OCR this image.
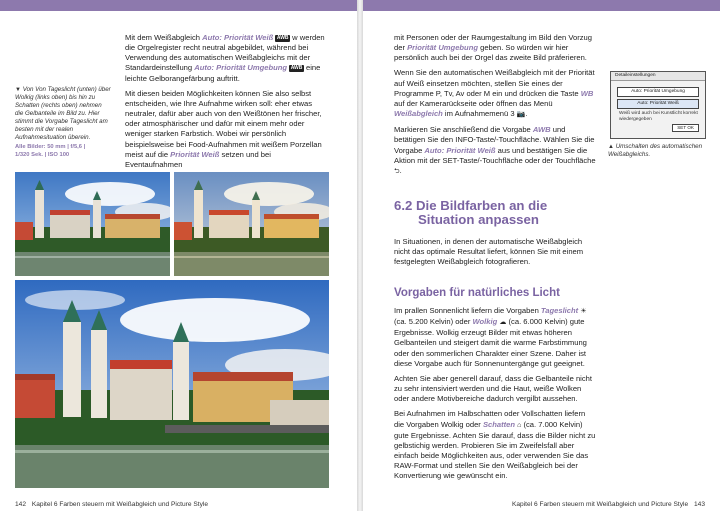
Mit dem Weißabgleich Auto: Priorität Weiß AWB w werden die Orgelregister recht neutral abgebildet, während bei Verwendung des automatischen Weißabgleichs mit der Standardeinstellung Auto: Priorität Umgebung AWB eine leichte Gelborangefärbung auftritt.

Mit diesen beiden Möglichkeiten können Sie also selbst entscheiden, wie Ihre Aufnahme wirken soll: eher etwas neutraler, dafür aber auch von den Weißtönen her frischer, oder atmosphärischer und dafür mit einem mehr oder weniger starken Farbstich. Wobei wir persönlich beispielsweise bei Food-Aufnahmen mit weißem Porzellan meist auf die Priorität Weiß setzen und bei Eventaufnahmen

▼ Von Von Tageslicht (unten) über Wolkig (links oben) bis hin zu Schatten (rechts oben) nehmen die Gelbanteile im Bild zu. Hier stimmt die Vorgabe Tageslicht am besten mit der realen Aufnahmesituation überein.
Alle Bilder: 50 mm | f/5,6 |
1/320 Sek. | ISO 100
142 Kapitel 6 Farben steuern mit Weißabgleich und Picture Style

mit Personen oder der Raumgestaltung im Bild den Vorzug der Priorität Umgebung geben. So würden wir hier persönlich auch bei der Orgel das zweite Bild präferieren.

Wenn Sie den automatischen Weißabgleich mit der Priorität auf Weiß einsetzen möchten, stellen Sie eines der Programme P, Tv, Av oder M ein und drücken die Taste WB auf der Kamerarückseite oder öffnen das Menü Weißabgleich im Aufnahmemenü 3 📷.

Markieren Sie anschließend die Vorgabe AWB und betätigen Sie den INFO-Taste/-Touchfläche. Wählen Sie die Vorgabe Auto: Priorität Weiß aus und bestätigen Sie die Aktion mit der SET-Taste/-Touchfläche oder der Touchfläche ⮌.

6.2 Die Bildfarben an die
Situation anpassen

In Situationen, in denen der automatische Weißabgleich nicht das optimale Resultat liefert, können Sie mit einem festgelegten Weißabgleich fotografieren.

Vorgaben für natürliches Licht

Im prallen Sonnenlicht liefern die Vorgaben Tageslicht ☀ (ca. 5.200 Kelvin) oder Wolkig ☁ (ca. 6.000 Kelvin) gute Ergebnisse. Wolkig erzeugt Bilder mit etwas höheren Gelbanteilen und steigert damit die warme Farbstimmung oder den sommerlichen Charakter einer Szene. Daher ist diese Vorgabe auch für Sonnenuntergänge gut geeignet.

Achten Sie aber generell darauf, dass die Gelbanteile nicht zu sehr intensiviert werden und die Haut, weiße Wolken oder andere Motivbereiche dadurch vergilbt aussehen.

Bei Aufnahmen im Halbschatten oder Vollschatten liefern die Vorgaben Wolkig oder Schatten ⌂ (ca. 7.000 Kelvin) gute Ergebnisse. Achten Sie darauf, dass die Bilder nicht zu gelbstichig werden. Probieren Sie im Zweifelsfall aber einfach beide Möglichkeiten aus, oder verwenden Sie das RAW-Format und stellen Sie den Weißabgleich bei der Konvertierung wie gewünscht ein.

Detaileinstellungen
Auto: Priorität Umgebung
Auto: Priorität Weiß
Weiß wird auch bei Kunstlicht korrekt wiedergegeben
SET OK
▲ Umschalten des automatischen Weißabgleichs.
Kapitel 6 Farben steuern mit Weißabgleich und Picture Style 143
